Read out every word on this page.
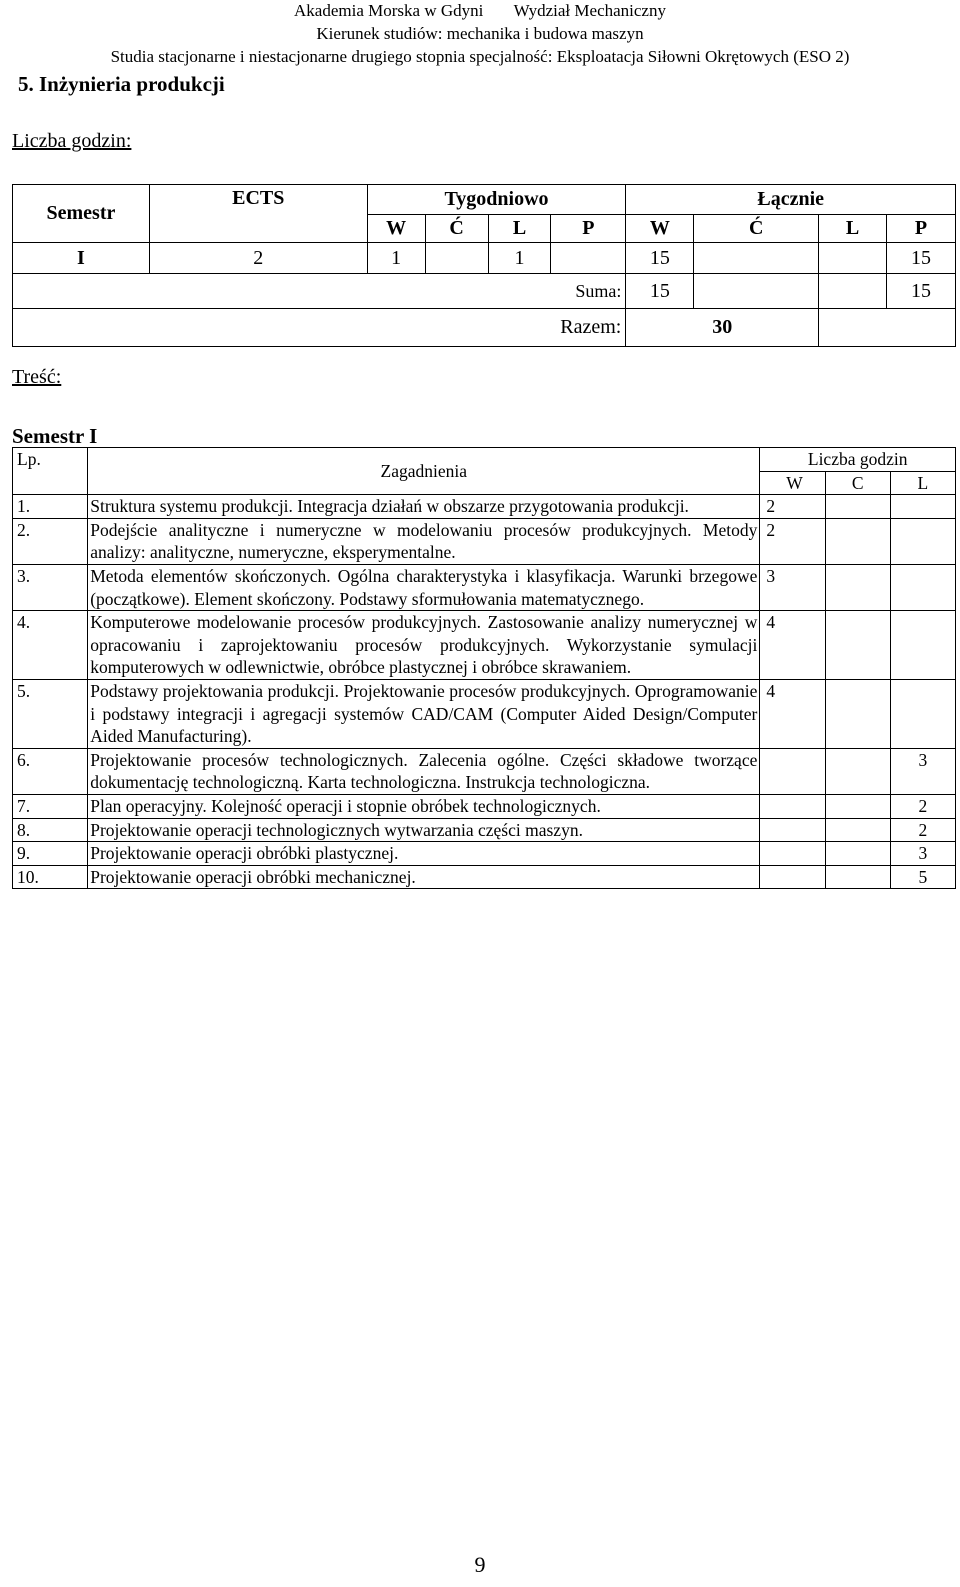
Akademia Morska w Gdyni Wydział Mechaniczny
Kierunek studiów: mechanika i budowa maszyn
Studia stacjonarne i niestacjonarne drugiego stopnia specjalność: Eksploatacja Siłowni Okrętowych (ESO 2)
5. Inżynieria produkcji
Liczba godzin:
Semestr	ECTS	Tygodniowo				Łącznie			
		W	Ć	L	P	W	Ć	L	P
I	2	1		1		15			15
Suma:						15			15
Razem:						30			
Treść:
Semestr I
Lp.	Zagadnienia	Liczba godzin		
		W	C	L
1.	Struktura systemu produkcji. Integracja działań w obszarze przygotowania produkcji.	2		
2.	Podejście analityczne i numeryczne w modelowaniu procesów produkcyjnych. Metody analizy: analityczne, numeryczne, eksperymentalne.	2		
3.	Metoda elementów skończonych. Ogólna charakterystyka i klasyfikacja. Warunki brzegowe (początkowe). Element skończony. Podstawy sformułowania matematycznego.	3		
4.	Komputerowe modelowanie procesów produkcyjnych. Zastosowanie analizy numerycznej w opracowaniu i zaprojektowaniu procesów produkcyjnych. Wykorzystanie symulacji komputerowych w odlewnictwie, obróbce plastycznej i obróbce skrawaniem.	4		
5.	Podstawy projektowania produkcji. Projektowanie procesów produkcyjnych. Oprogramowanie i podstawy integracji i agregacji systemów CAD/CAM (Computer Aided Design/Computer Aided Manufacturing).	4		
6.	Projektowanie procesów technologicznych. Zalecenia ogólne. Części składowe tworzące dokumentację technologiczną. Karta technologiczna. Instrukcja technologiczna.			3
7.	Plan operacyjny. Kolejność operacji i stopnie obróbek technologicznych.			2
8.	Projektowanie operacji technologicznych wytwarzania części maszyn.			2
9.	Projektowanie operacji obróbki plastycznej.			3
10.	Projektowanie operacji obróbki mechanicznej.			5
9
